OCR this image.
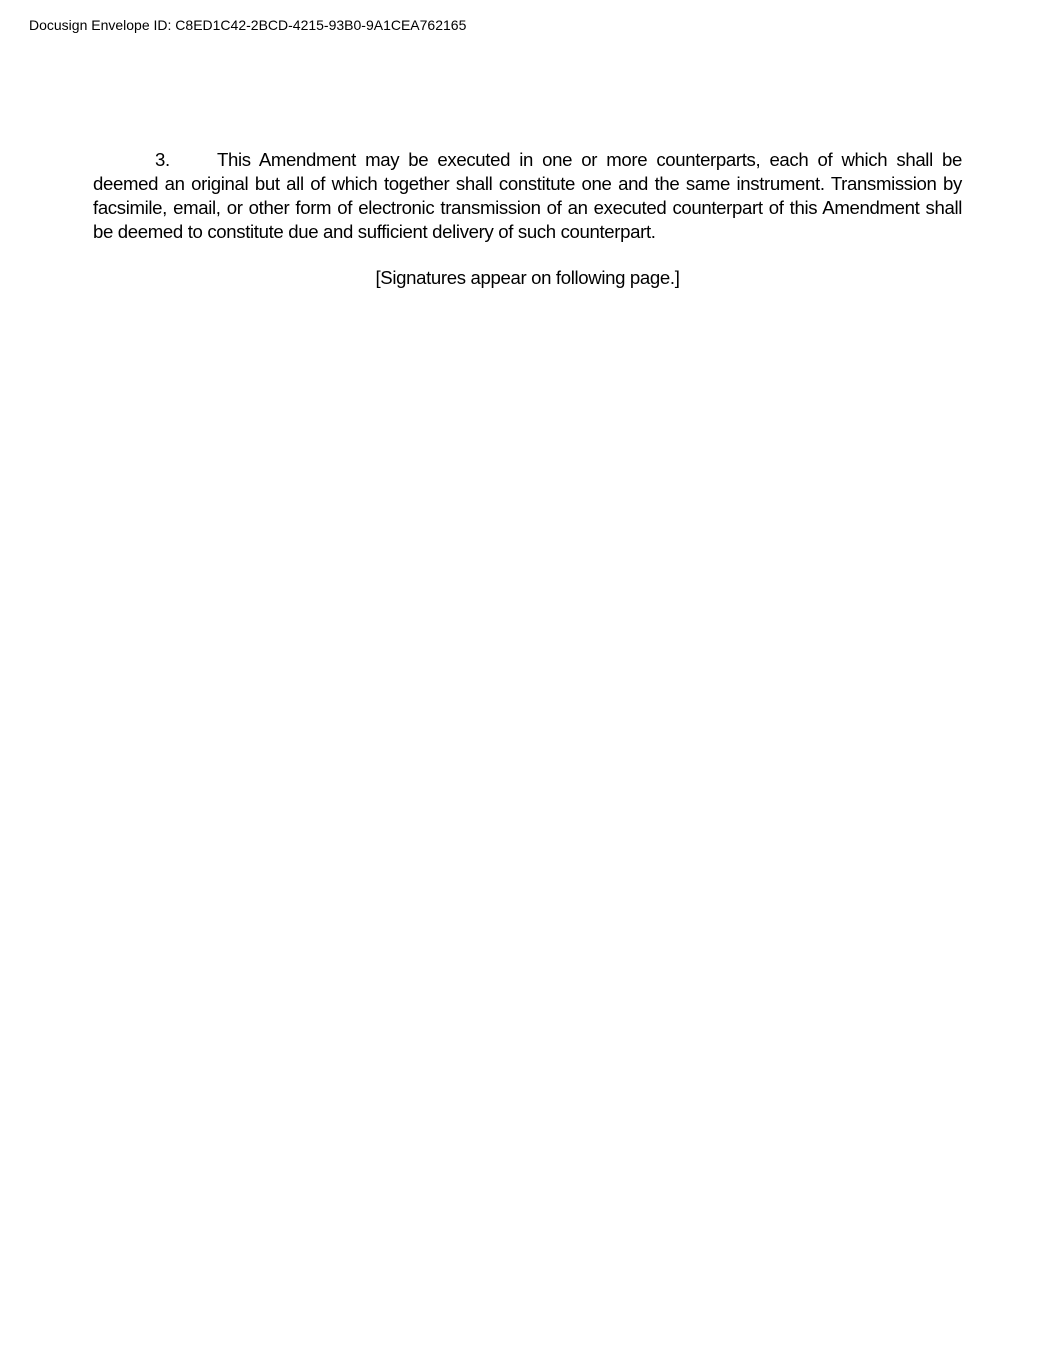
Docusign Envelope ID: C8ED1C42-2BCD-4215-93B0-9A1CEA762165

3.	This Amendment may be executed in one or more counterparts, each of which shall be deemed an original but all of which together shall constitute one and the same instrument. Transmission by facsimile, email, or other form of electronic transmission of an executed counterpart of this Amendment shall be deemed to constitute due and sufficient delivery of such counterpart.

[Signatures appear on following page.]
